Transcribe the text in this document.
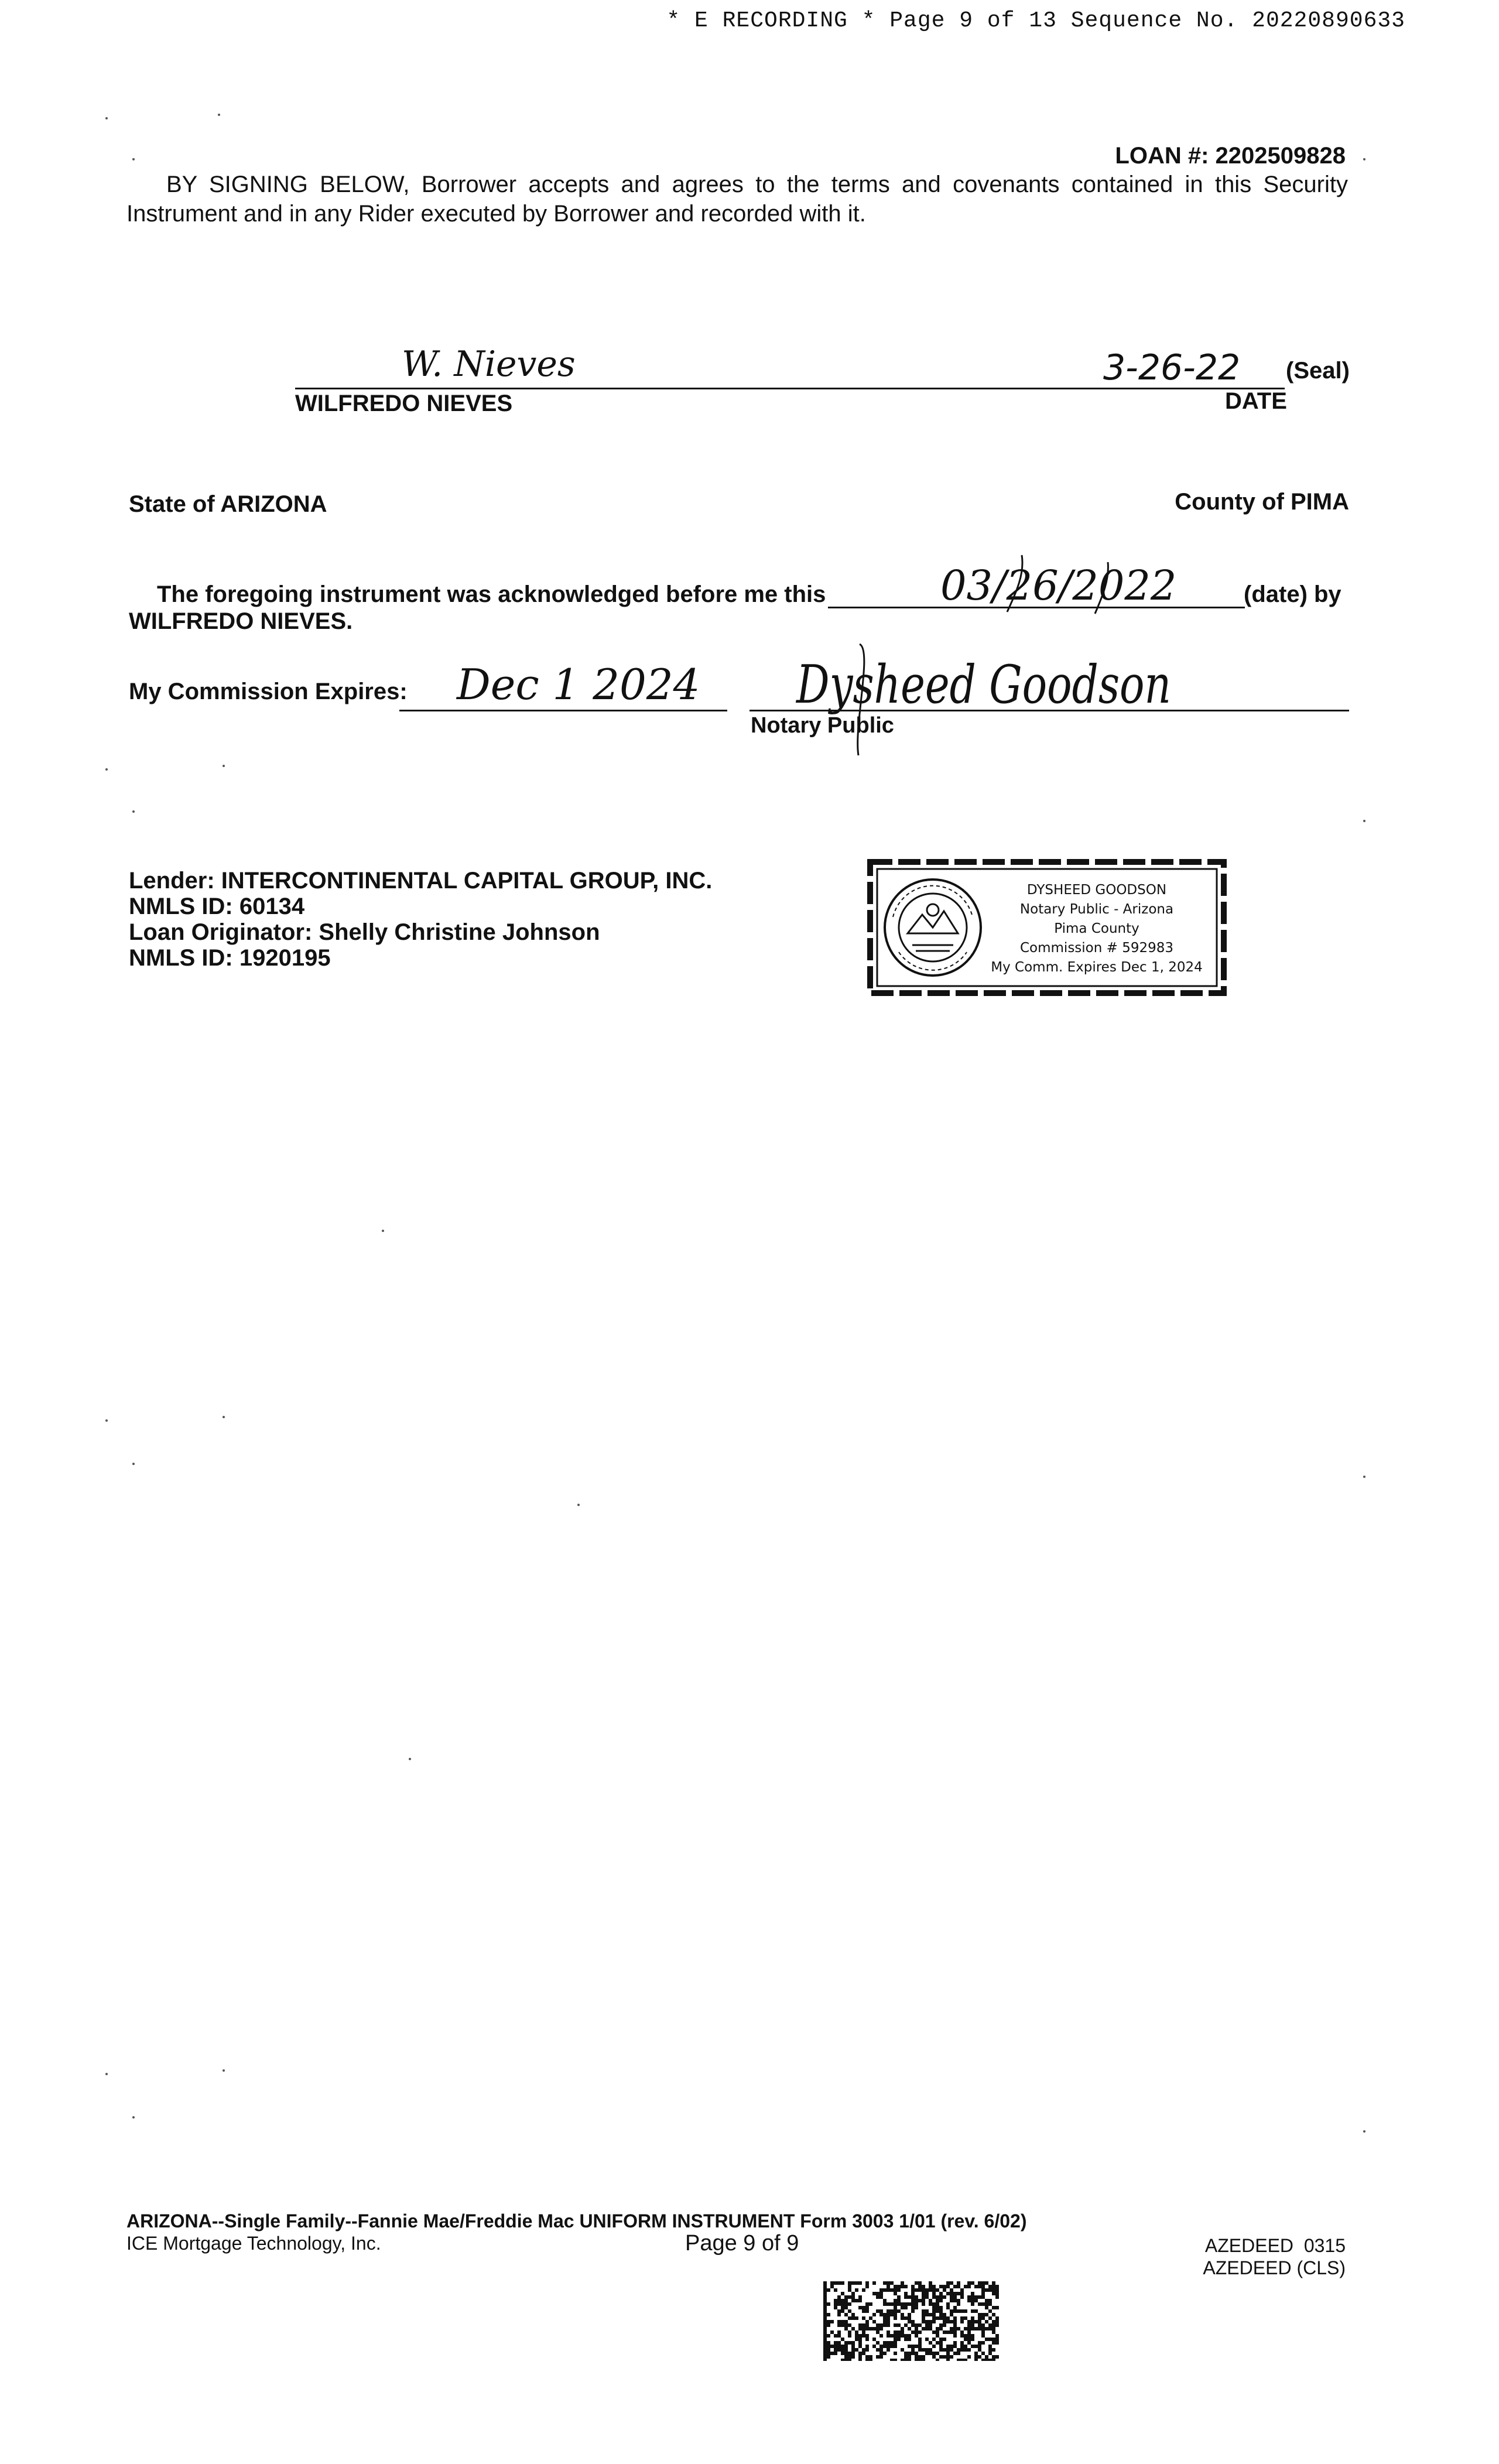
* E RECORDING * Page 9 of 13 Sequence No. 20220890633
LOAN #: 2202509828
BY SIGNING BELOW, Borrower accepts and agrees to the terms and covenants contained in this Security
Instrument and in any Rider executed by Borrower and recorded with it.
W. Nieves	3-26-22 (Seal)
WILFREDO NIEVES	DATE
State of ARIZONA	County of PIMA
The foregoing instrument was acknowledged before me this	03/26/2022	(date) by
WILFREDO NIEVES.
My Commission Expires: Dec 1 2024 Dysheed Goodson
Notary Public
Lender: INTERCONTINENTAL CAPITAL GROUP, INC.
NMLS ID: 60134
Loan Originator: Shelly Christine Johnson
NMLS ID: 1920195
DYSHEED GOODSON
Notary Public - Arizona
Pima County
Commission # 592983
My Comm. Expires Dec 1, 2024
ARIZONA--Single Family--Fannie Mae/Freddie Mac UNIFORM INSTRUMENT Form 3003 1/01 (rev. 6/02)
ICE Mortgage Technology, Inc.	Page 9 of 9	AZEDEED  0315
AZEDEED (CLS)
